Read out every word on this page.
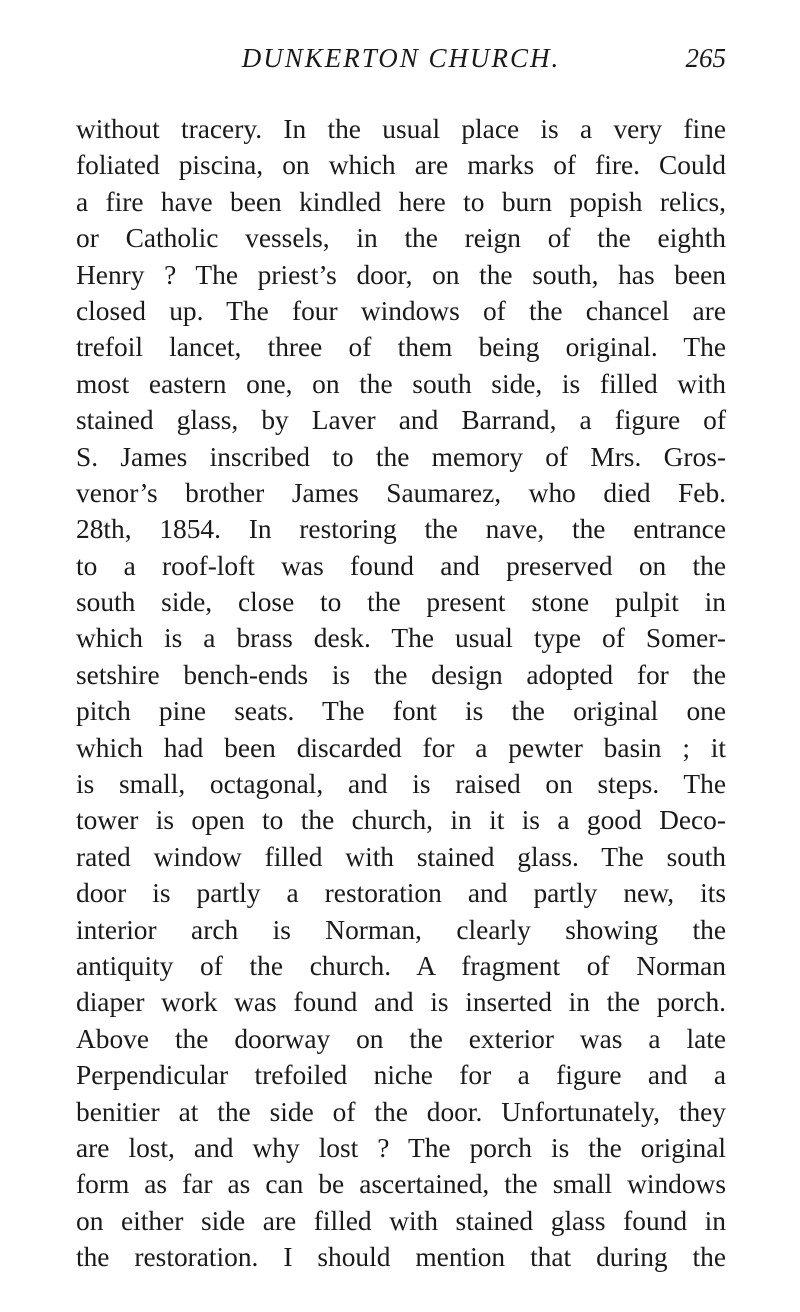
DUNKERTON CHURCH.	265
without tracery. In the usual place is a very fine
foliated piscina, on which are marks of fire. Could
a fire have been kindled here to burn popish relics,
or Catholic vessels, in the reign of the eighth
Henry ? The priest’s door, on the south, has been
closed up. The four windows of the chancel are
trefoil lancet, three of them being original. The
most eastern one, on the south side, is filled with
stained glass, by Laver and Barrand, a figure of
S. James inscribed to the memory of Mrs. Gros-
venor’s brother James Saumarez, who died Feb.
28th, 1854. In restoring the nave, the entrance
to a roof-loft was found and preserved on the
south side, close to the present stone pulpit in
which is a brass desk. The usual type of Somer-
setshire bench-ends is the design adopted for the
pitch pine seats. The font is the original one
which had been discarded for a pewter basin ; it
is small, octagonal, and is raised on steps. The
tower is open to the church, in it is a good Deco-
rated window filled with stained glass. The south
door is partly a restoration and partly new, its
interior arch is Norman, clearly showing the
antiquity of the church. A fragment of Norman
diaper work was found and is inserted in the porch.
Above the doorway on the exterior was a late
Perpendicular trefoiled niche for a figure and a
benitier at the side of the door. Unfortunately, they
are lost, and why lost ? The porch is the original
form as far as can be ascertained, the small windows
on either side are filled with stained glass found in
the restoration. I should mention that during the
